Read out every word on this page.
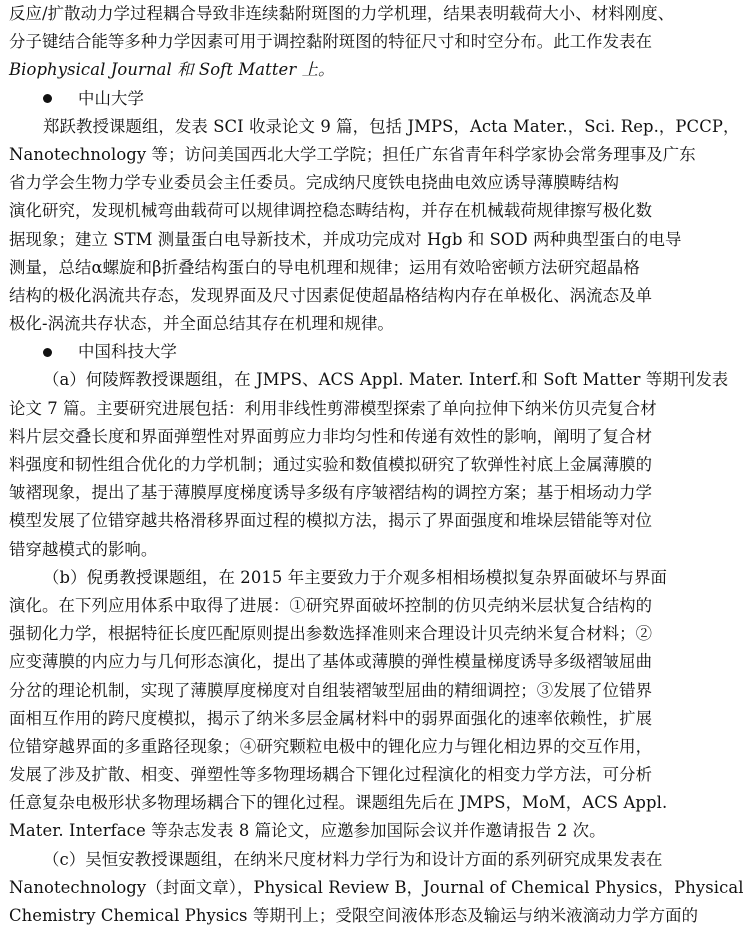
反应/扩散动力学过程耦合导致非连续黏附斑图的力学机理，结果表明载荷大小、材料刚度、
分子键结合能等多种力学因素可用于调控黏附斑图的特征尺寸和时空分布。此工作发表在
Biophysical Journal 和 Soft Matter 上。
中山大学
郑跃教授课题组，发表 SCI 收录论文 9 篇，包括 JMPS，Acta Mater.，Sci. Rep.，PCCP，
Nanotechnology 等；访问美国西北大学工学院；担任广东省青年科学家协会常务理事及广东
省力学会生物力学专业委员会主任委员。完成纳尺度铁电挠曲电效应诱导薄膜畴结构
演化研究，发现机械弯曲载荷可以规律调控稳态畴结构，并存在机械载荷规律擦写极化数
据现象；建立 STM 测量蛋白电导新技术，并成功完成对 Hgb 和 SOD 两种典型蛋白的电导
测量，总结α螺旋和β折叠结构蛋白的导电机理和规律；运用有效哈密顿方法研究超晶格
结构的极化涡流共存态，发现界面及尺寸因素促使超晶格结构内存在单极化、涡流态及单
极化-涡流共存状态，并全面总结其存在机理和规律。
中国科技大学
（a）何陵辉教授课题组，在 JMPS、ACS Appl. Mater. Interf.和 Soft Matter 等期刊发表
论文 7 篇。主要研究进展包括：利用非线性剪滞模型探索了单向拉伸下纳米仿贝壳复合材
料片层交叠长度和界面弹塑性对界面剪应力非均匀性和传递有效性的影响，阐明了复合材
料强度和韧性组合优化的力学机制；通过实验和数值模拟研究了软弹性衬底上金属薄膜的
皱褶现象，提出了基于薄膜厚度梯度诱导多级有序皱褶结构的调控方案；基于相场动力学
模型发展了位错穿越共格滑移界面过程的模拟方法，揭示了界面强度和堆垛层错能等对位
错穿越模式的影响。
（b）倪勇教授课题组，在 2015 年主要致力于介观多相相场模拟复杂界面破坏与界面
演化。在下列应用体系中取得了进展：①研究界面破坏控制的仿贝壳纳米层状复合结构的
强韧化力学，根据特征长度匹配原则提出参数选择准则来合理设计贝壳纳米复合材料；②
应变薄膜的内应力与几何形态演化，提出了基体或薄膜的弹性模量梯度诱导多级褶皱屈曲
分岔的理论机制，实现了薄膜厚度梯度对自组装褶皱型屈曲的精细调控；③发展了位错界
面相互作用的跨尺度模拟，揭示了纳米多层金属材料中的弱界面强化的速率依赖性，扩展
位错穿越界面的多重路径现象；④研究颗粒电极中的锂化应力与锂化相边界的交互作用，
发展了涉及扩散、相变、弹塑性等多物理场耦合下锂化过程演化的相变力学方法，可分析
任意复杂电极形状多物理场耦合下的锂化过程。课题组先后在 JMPS，MoM，ACS Appl.
Mater. Interface 等杂志发表 8 篇论文，应邀参加国际会议并作邀请报告 2 次。
（c）吴恒安教授课题组，在纳米尺度材料力学行为和设计方面的系列研究成果发表在
Nanotechnology（封面文章），Physical Review B，Journal of Chemical Physics，Physical
Chemistry Chemical Physics 等期刊上；受限空间液体形态及输运与纳米液滴动力学方面的
